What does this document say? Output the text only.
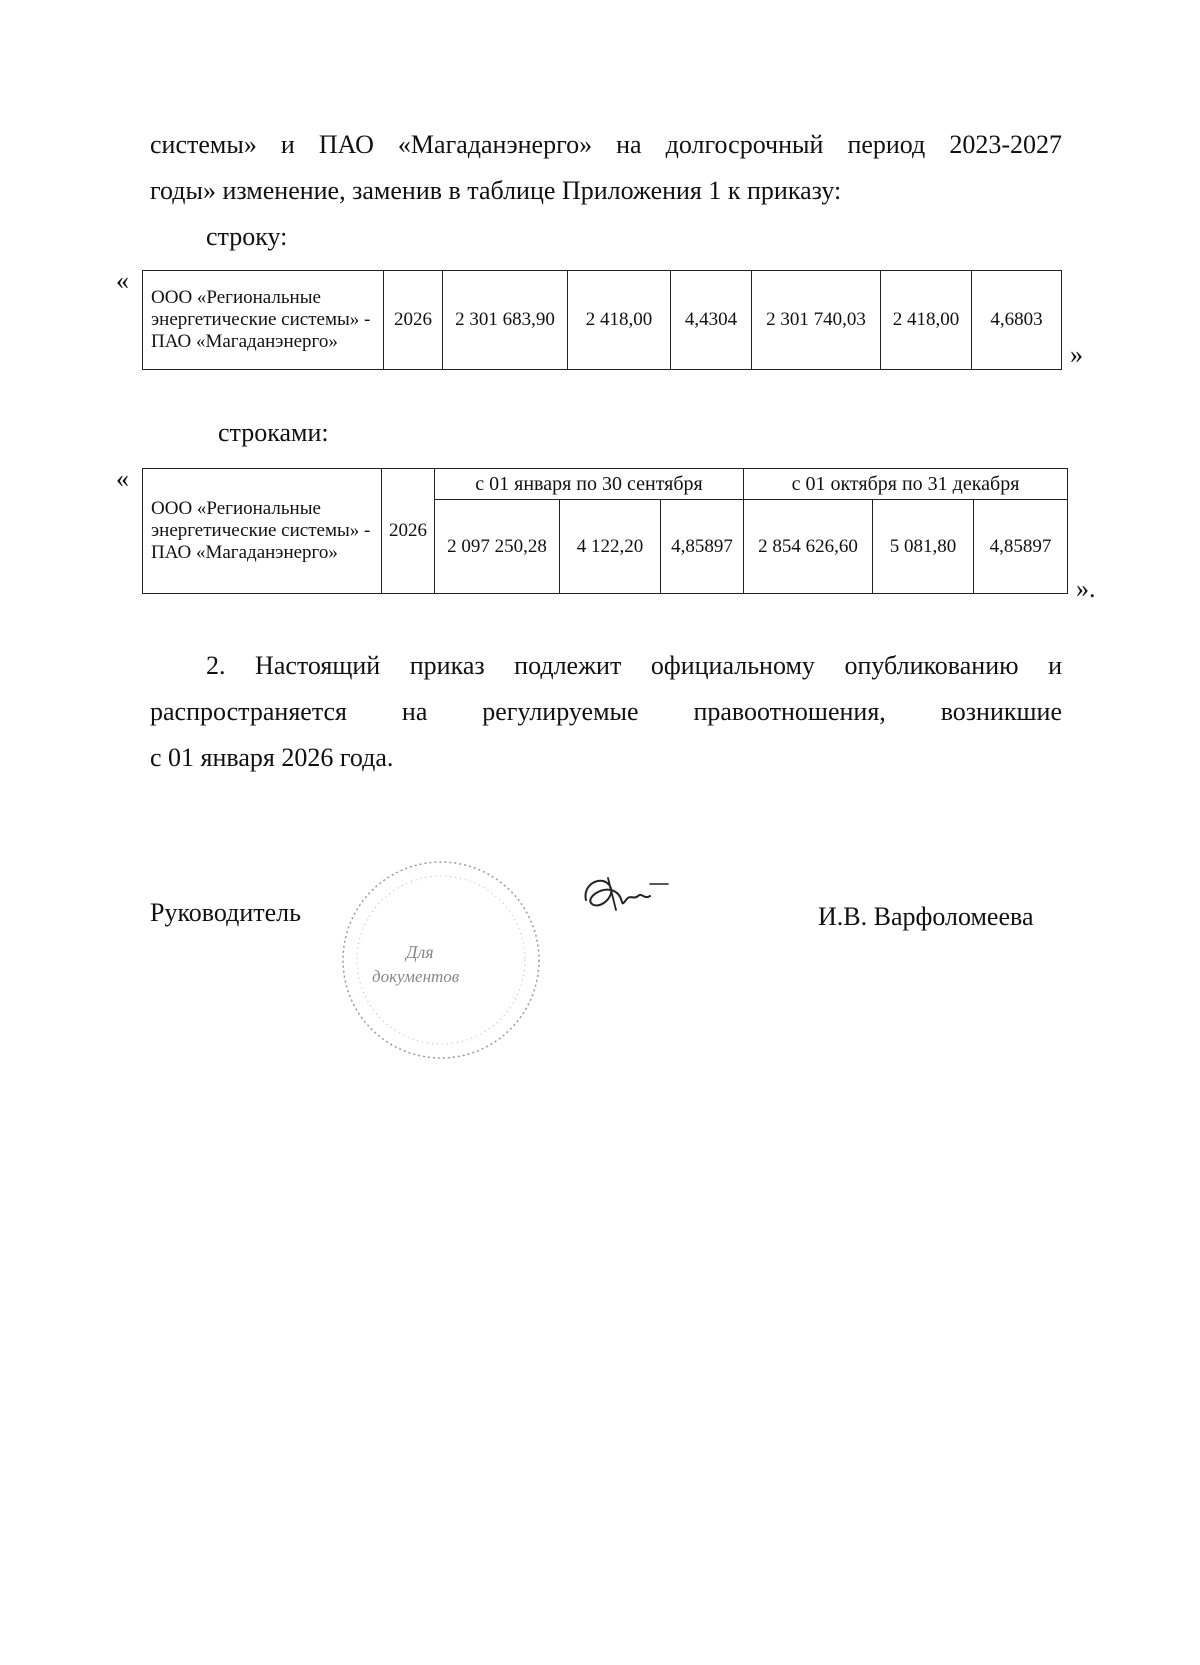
системы» и ПАО «Магаданэнерго» на долгосрочный период 2023-2027
годы» изменение, заменив в таблице Приложения 1 к приказу:
строку:
«
ООО «Региональные энергетические системы» - ПАО «Магаданэнерго»	2026	2 301 683,90	2 418,00	4,4304	2 301 740,03	2 418,00	4,6803
»
строками:
«
ООО «Региональные энергетические системы» - ПАО «Магаданэнерго»	2026	с 01 января по 30 сентября			с 01 октября по 31 декабря		
		2 097 250,28	4 122,20	4,85897	2 854 626,60	5 081,80	4,85897
».
2. Настоящий приказ подлежит официальному опубликованию и
распространяется на регулируемые правоотношения, возникшие
с 01 января 2026 года.
Руководитель	И.В. Варфоломеева
Для
документов
